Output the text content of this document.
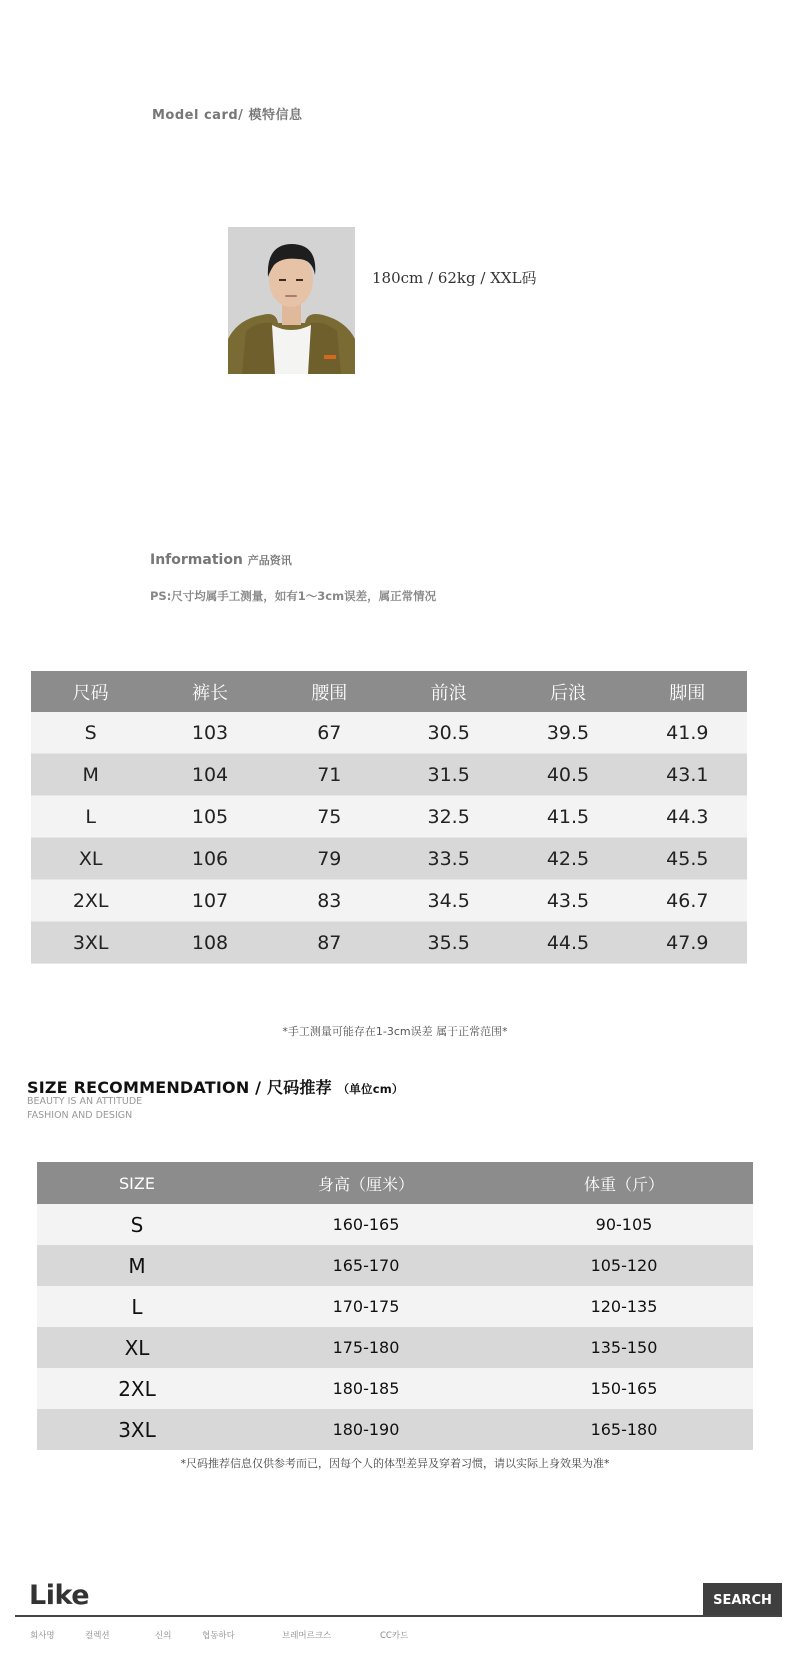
Model card/ 模特信息
180cm / 62kg / XXL码
Information 产品资讯
PS:尺寸均属手工测量，如有1～3cm误差，属正常情况
尺码	裤长	腰围	前浪	后浪	脚围
S	103	67	30.5	39.5	41.9
M	104	71	31.5	40.5	43.1
L	105	75	32.5	41.5	44.3
XL	106	79	33.5	42.5	45.5
2XL	107	83	34.5	43.5	46.7
3XL	108	87	35.5	44.5	47.9
*手工测量可能存在1-3cm误差 属于正常范围*
SIZE RECOMMENDATION / 尺码推荐 （单位cm）
BEAUTY IS AN ATTITUDE
FASHION AND DESIGN
SIZE	身高（厘米）	体重（斤）
S	160-165	90-105
M	165-170	105-120
L	170-175	120-135
XL	175-180	135-150
2XL	180-185	150-165
3XL	180-190	165-180
*尺码推荐信息仅供参考而已，因每个人的体型差异及穿着习惯，请以实际上身效果为准*
Like	SEARCH
회사명	컬렉션	신의	협동하다	브레머르크스	CC카드
